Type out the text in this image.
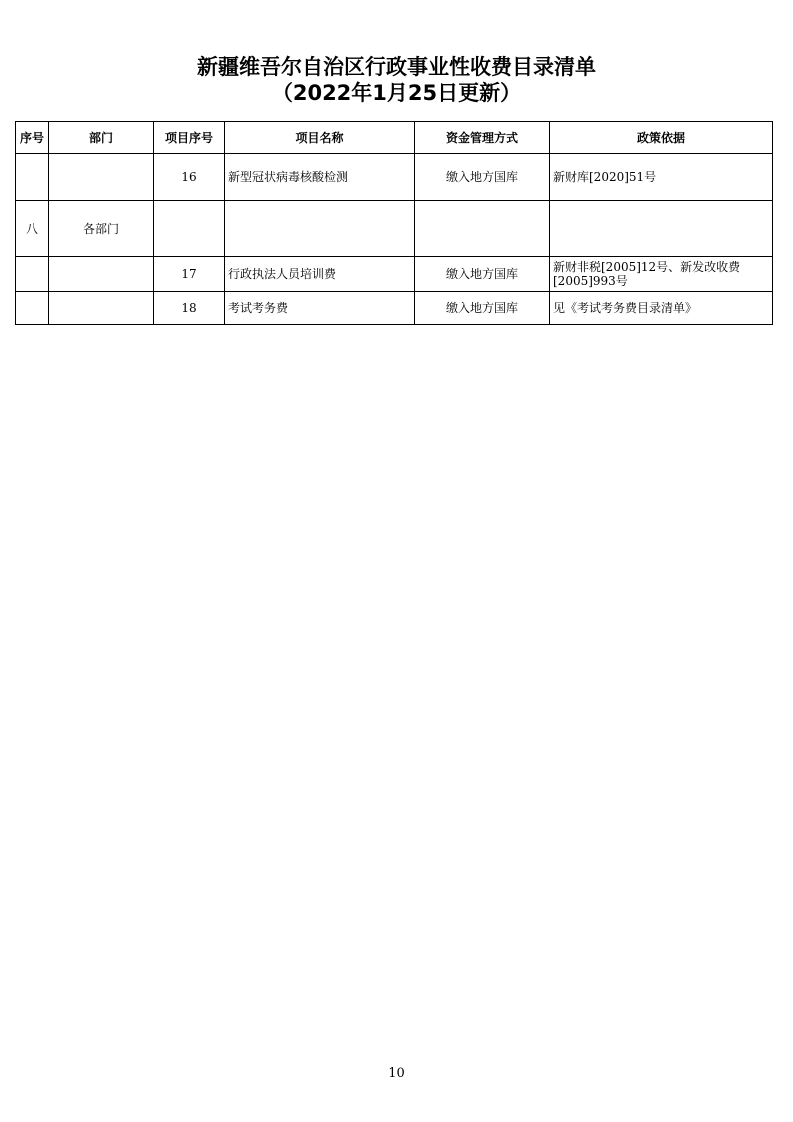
新疆维吾尔自治区行政事业性收费目录清单
（2022年1月25日更新）
序号	部门	项目序号	项目名称	资金管理方式	政策依据
		16	新型冠状病毒核酸检测	缴入地方国库	新财库[2020]51号
八	各部门				
		17	行政执法人员培训费	缴入地方国库	新财非税[2005]12号、新发改收费[2005]993号
		18	考试考务费	缴入地方国库	见《考试考务费目录清单》
10
